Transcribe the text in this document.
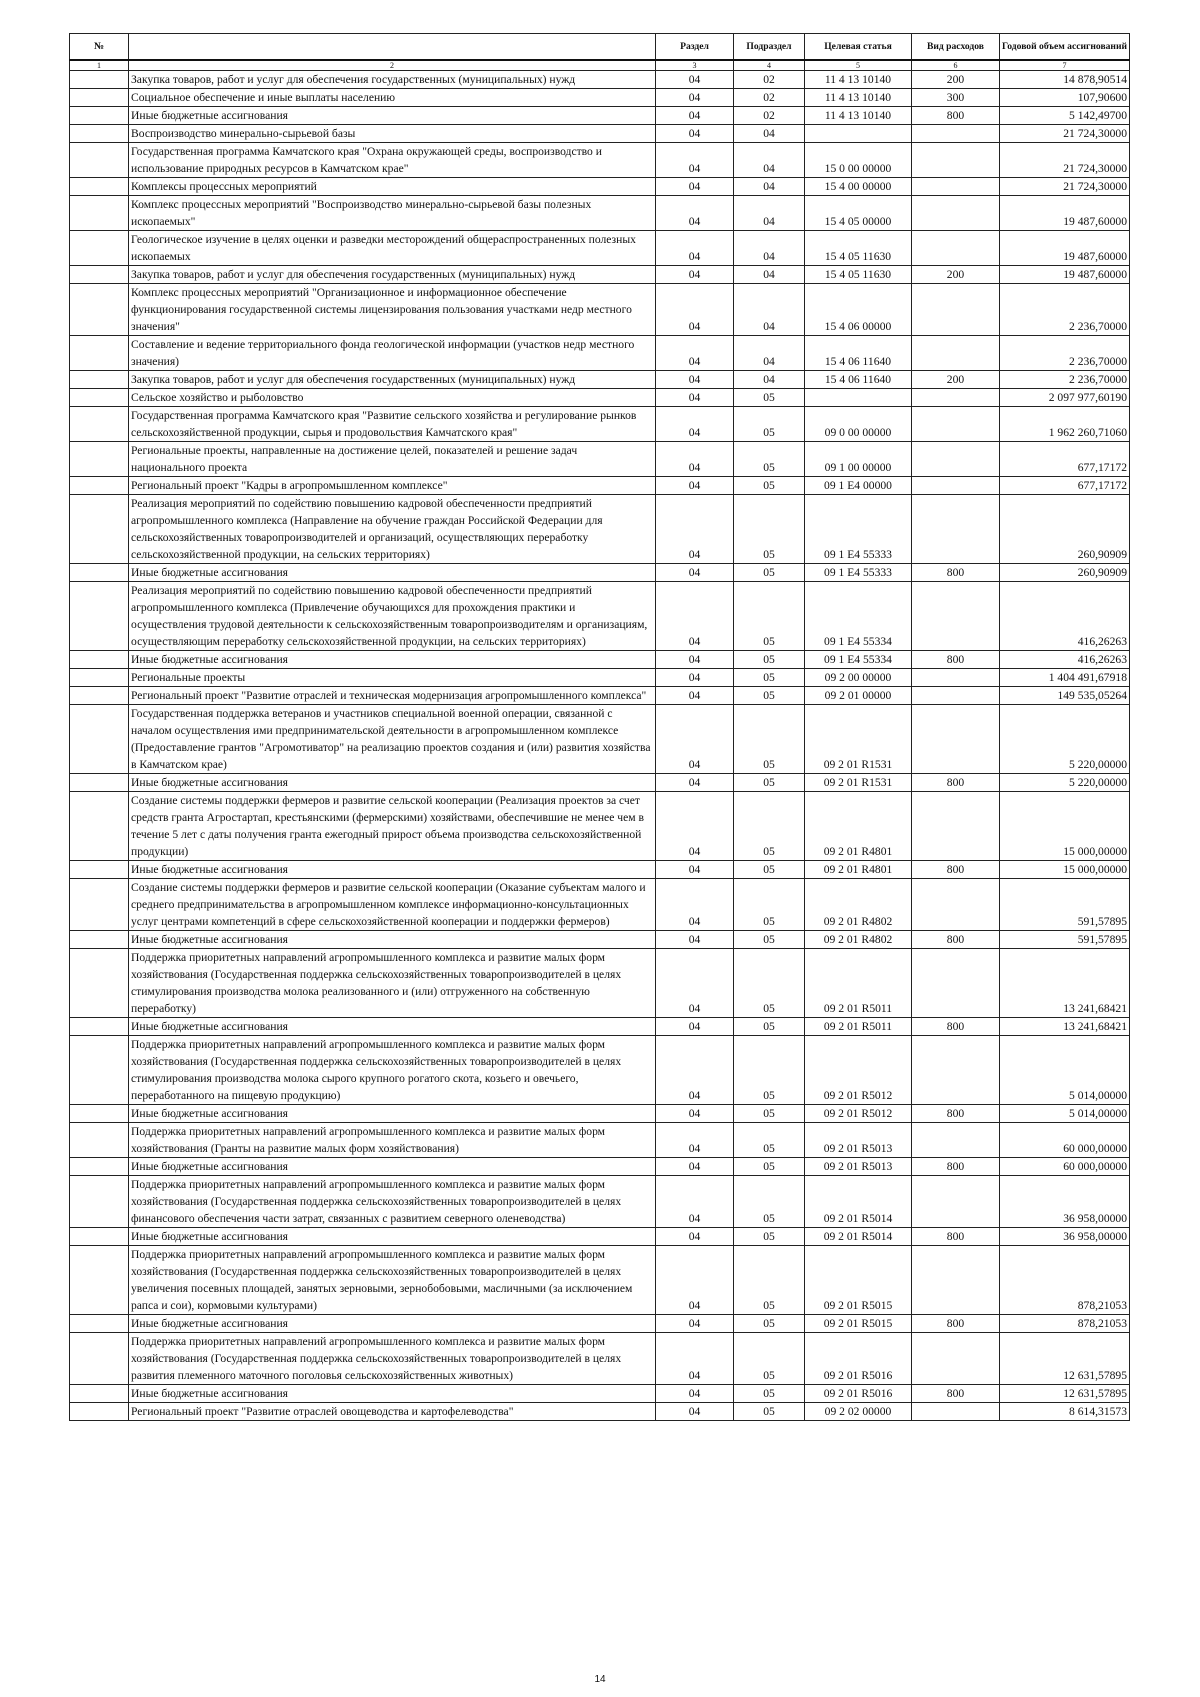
№		Раздел	Подраздел	Целевая статья	Вид расходов	Годовой объем ассигнований
1	2	3	4	5	6	7
	Закупка товаров, работ и услуг для обеспечения государственных (муниципальных) нужд	04	02	11 4 13 10140	200	14 878,90514
	Социальное обеспечение и иные выплаты населению	04	02	11 4 13 10140	300	107,90600
	Иные бюджетные ассигнования	04	02	11 4 13 10140	800	5 142,49700
	Воспроизводство минерально-сырьевой базы	04	04			21 724,30000
	Государственная программа Камчатского края "Охрана окружающей среды, воспроизводство и использование природных ресурсов в Камчатском крае"	04	04	15 0 00 00000		21 724,30000
	Комплексы процессных мероприятий	04	04	15 4 00 00000		21 724,30000
	Комплекс процессных мероприятий "Воспроизводство минерально-сырьевой базы полезных ископаемых"	04	04	15 4 05 00000		19 487,60000
	Геологическое изучение в целях оценки и разведки месторождений общераспространенных полезных ископаемых	04	04	15 4 05 11630		19 487,60000
	Закупка товаров, работ и услуг для обеспечения государственных (муниципальных) нужд	04	04	15 4 05 11630	200	19 487,60000
	Комплекс процессных мероприятий "Организационное и информационное обеспечение функционирования государственной системы лицензирования пользования участками недр местного значения"	04	04	15 4 06 00000		2 236,70000
	Составление и ведение территориального фонда геологической информации (участков недр местного значения)	04	04	15 4 06 11640		2 236,70000
	Закупка товаров, работ и услуг для обеспечения государственных (муниципальных) нужд	04	04	15 4 06 11640	200	2 236,70000
	Сельское хозяйство и рыболовство	04	05			2 097 977,60190
	Государственная программа Камчатского края "Развитие сельского хозяйства и регулирование рынков сельскохозяйственной продукции, сырья и продовольствия Камчатского края"	04	05	09 0 00 00000		1 962 260,71060
	Региональные проекты, направленные на достижение целей, показателей и решение задач национального проекта	04	05	09 1 00 00000		677,17172
	Региональный проект "Кадры в агропромышленном комплексе"	04	05	09 1 E4 00000		677,17172
	Реализация мероприятий по содействию повышению кадровой обеспеченности предприятий агропромышленного комплекса (Направление на обучение граждан Российской Федерации для сельскохозяйственных товаропроизводителей и организаций, осуществляющих переработку сельскохозяйственной продукции, на сельских территориях)	04	05	09 1 E4 55333		260,90909
	Иные бюджетные ассигнования	04	05	09 1 E4 55333	800	260,90909
	Реализация мероприятий по содействию повышению кадровой обеспеченности предприятий агропромышленного комплекса (Привлечение обучающихся для прохождения практики и осуществления трудовой деятельности к сельскохозяйственным товаропроизводителям и организациям, осуществляющим переработку сельскохозяйственной продукции, на сельских территориях)	04	05	09 1 E4 55334		416,26263
	Иные бюджетные ассигнования	04	05	09 1 E4 55334	800	416,26263
	Региональные проекты	04	05	09 2 00 00000		1 404 491,67918
	Региональный проект "Развитие отраслей и техническая модернизация агропромышленного комплекса"	04	05	09 2 01 00000		149 535,05264
	Государственная поддержка ветеранов и участников специальной военной операции, связанной с началом осуществления ими предпринимательской деятельности в агропромышленном комплексе (Предоставление грантов "Агромотиватор" на реализацию проектов создания и (или) развития хозяйства в Камчатском крае)	04	05	09 2 01 R1531		5 220,00000
	Иные бюджетные ассигнования	04	05	09 2 01 R1531	800	5 220,00000
	Создание системы поддержки фермеров и развитие сельской кооперации (Реализация проектов за счет средств гранта Агростартап, крестьянскими (фермерскими) хозяйствами, обеспечившие не менее чем в течение 5 лет с даты получения гранта ежегодный прирост объема производства сельскохозяйственной продукции)	04	05	09 2 01 R4801		15 000,00000
	Иные бюджетные ассигнования	04	05	09 2 01 R4801	800	15 000,00000
	Создание системы поддержки фермеров и развитие сельской кооперации (Оказание субъектам малого и среднего предпринимательства в агропромышленном комплексе информационно-консультационных услуг центрами компетенций в сфере сельскохозяйственной кооперации и поддержки фермеров)	04	05	09 2 01 R4802		591,57895
	Иные бюджетные ассигнования	04	05	09 2 01 R4802	800	591,57895
	Поддержка приоритетных направлений агропромышленного комплекса и развитие малых форм хозяйствования (Государственная поддержка сельскохозяйственных товаропроизводителей в целях стимулирования производства молока реализованного и (или) отгруженного на собственную переработку)	04	05	09 2 01 R5011		13 241,68421
	Иные бюджетные ассигнования	04	05	09 2 01 R5011	800	13 241,68421
	Поддержка приоритетных направлений агропромышленного комплекса и развитие малых форм хозяйствования (Государственная поддержка сельскохозяйственных товаропроизводителей в целях стимулирования производства молока сырого крупного рогатого скота, козьего и овечьего, переработанного на пищевую продукцию)	04	05	09 2 01 R5012		5 014,00000
	Иные бюджетные ассигнования	04	05	09 2 01 R5012	800	5 014,00000
	Поддержка приоритетных направлений агропромышленного комплекса и развитие малых форм хозяйствования (Гранты на развитие малых форм хозяйствования)	04	05	09 2 01 R5013		60 000,00000
	Иные бюджетные ассигнования	04	05	09 2 01 R5013	800	60 000,00000
	Поддержка приоритетных направлений агропромышленного комплекса и развитие малых форм хозяйствования (Государственная поддержка сельскохозяйственных товаропроизводителей в целях финансового обеспечения части затрат, связанных с развитием северного оленеводства)	04	05	09 2 01 R5014		36 958,00000
	Иные бюджетные ассигнования	04	05	09 2 01 R5014	800	36 958,00000
	Поддержка приоритетных направлений агропромышленного комплекса и развитие малых форм хозяйствования (Государственная поддержка сельскохозяйственных товаропроизводителей в целях увеличения посевных площадей, занятых зерновыми, зернобобовыми, масличными (за исключением рапса и сои), кормовыми культурами)	04	05	09 2 01 R5015		878,21053
	Иные бюджетные ассигнования	04	05	09 2 01 R5015	800	878,21053
	Поддержка приоритетных направлений агропромышленного комплекса и развитие малых форм хозяйствования (Государственная поддержка сельскохозяйственных товаропроизводителей в целях развития племенного маточного поголовья сельскохозяйственных животных)	04	05	09 2 01 R5016		12 631,57895
	Иные бюджетные ассигнования	04	05	09 2 01 R5016	800	12 631,57895
	Региональный проект "Развитие отраслей овощеводства и картофелеводства"	04	05	09 2 02 00000		8 614,31573
14
